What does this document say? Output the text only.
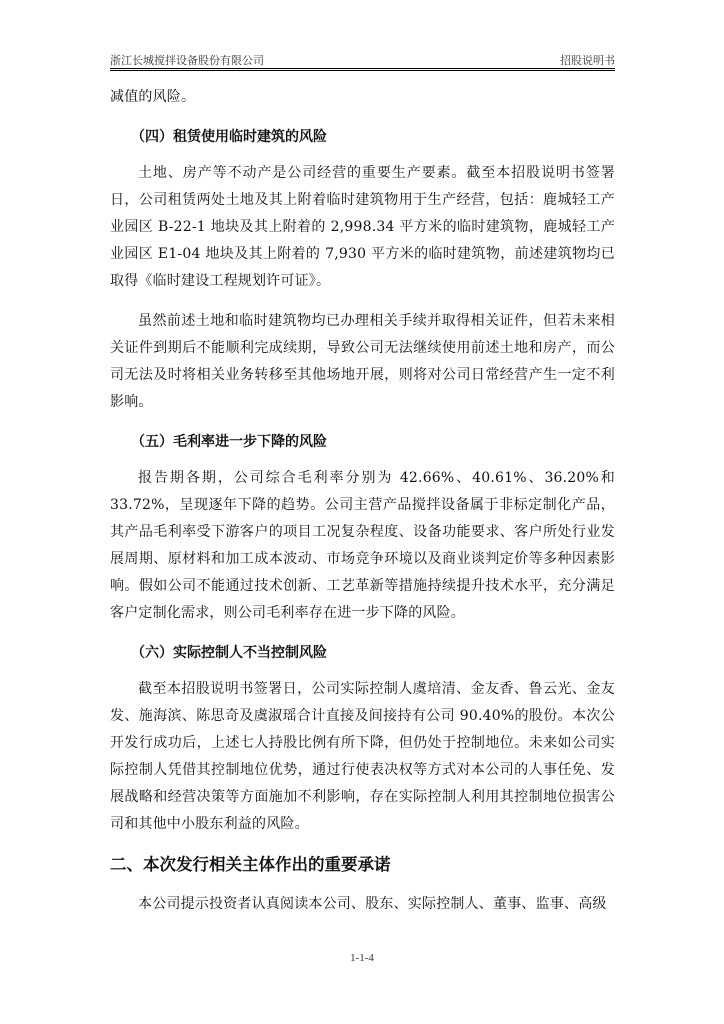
浙江长城搅拌设备股份有限公司	招股说明书

减值的风险。

（四）租赁使用临时建筑的风险

土地、房产等不动产是公司经营的重要生产要素。截至本招股说明书签署日，公司租赁两处土地及其上附着临时建筑物用于生产经营，包括：鹿城轻工产业园区 B-22-1 地块及其上附着的 2,998.34 平方米的临时建筑物，鹿城轻工产业园区 E1-04 地块及其上附着的 7,930 平方米的临时建筑物，前述建筑物均已取得《临时建设工程规划许可证》。

虽然前述土地和临时建筑物均已办理相关手续并取得相关证件，但若未来相关证件到期后不能顺利完成续期，导致公司无法继续使用前述土地和房产，而公司无法及时将相关业务转移至其他场地开展，则将对公司日常经营产生一定不利影响。

（五）毛利率进一步下降的风险

报告期各期，公司综合毛利率分别为 42.66%、40.61%、36.20%和 33.72%，呈现逐年下降的趋势。公司主营产品搅拌设备属于非标定制化产品，其产品毛利率受下游客户的项目工况复杂程度、设备功能要求、客户所处行业发展周期、原材料和加工成本波动、市场竞争环境以及商业谈判定价等多种因素影响。假如公司不能通过技术创新、工艺革新等措施持续提升技术水平，充分满足客户定制化需求，则公司毛利率存在进一步下降的风险。

（六）实际控制人不当控制风险

截至本招股说明书签署日，公司实际控制人虞培清、金友香、鲁云光、金友发、施海滨、陈思奇及虞淑瑶合计直接及间接持有公司 90.40%的股份。本次公开发行成功后，上述七人持股比例有所下降，但仍处于控制地位。未来如公司实际控制人凭借其控制地位优势，通过行使表决权等方式对本公司的人事任免、发展战略和经营决策等方面施加不利影响，存在实际控制人利用其控制地位损害公司和其他中小股东利益的风险。

二、本次发行相关主体作出的重要承诺

本公司提示投资者认真阅读本公司、股东、实际控制人、董事、监事、高级

1-1-4
